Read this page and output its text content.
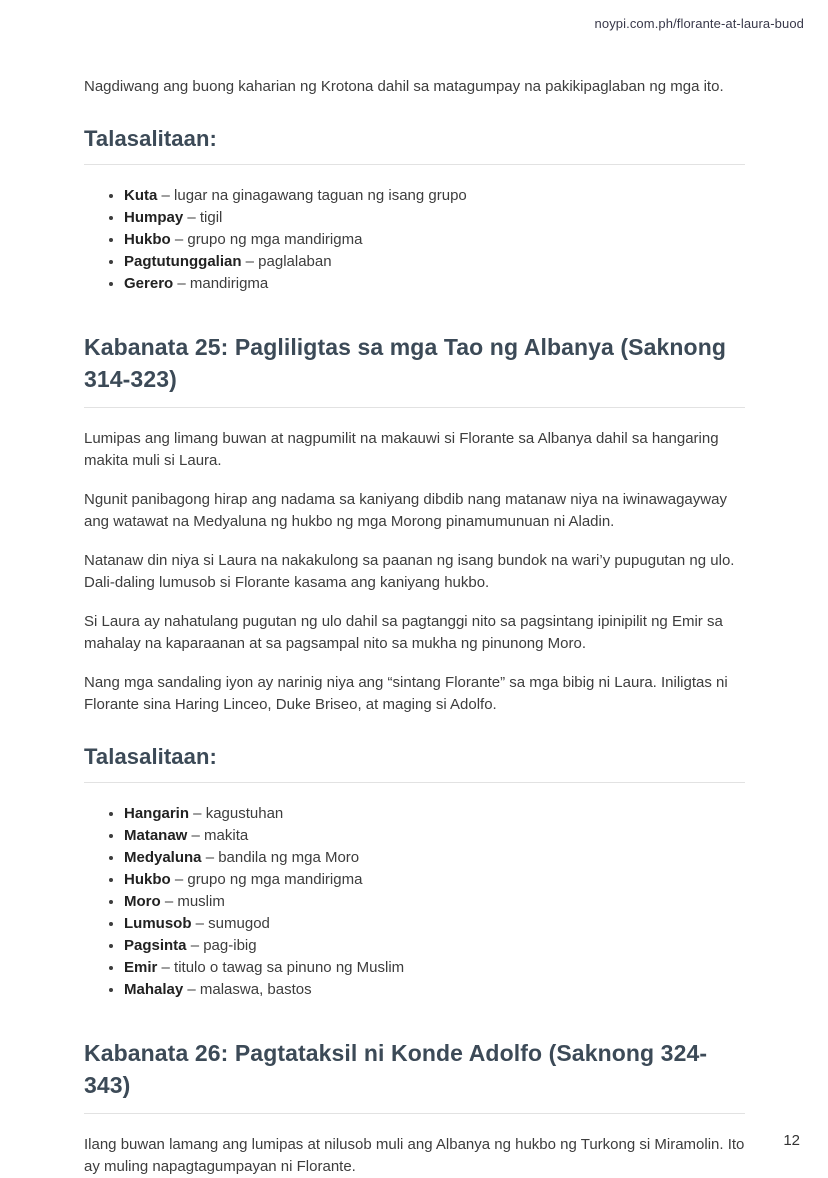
noypi.com.ph/florante-at-laura-buod

Nagdiwang ang buong kaharian ng Krotona dahil sa matagumpay na pakikipaglaban ng mga ito.

Talasalitaan:
• Kuta – lugar na ginagawang taguan ng isang grupo
• Humpay – tigil
• Hukbo – grupo ng mga mandirigma
• Pagtutunggalian – paglalaban
• Gerero – mandirigma
Kabanata 25: Pagliligtas sa mga Tao ng Albanya (Saknong 314-323)

Lumipas ang limang buwan at nagpumilit na makauwi si Florante sa Albanya dahil sa hangaring makita muli si Laura.

Ngunit panibagong hirap ang nadama sa kaniyang dibdib nang matanaw niya na iwinawagayway ang watawat na Medyaluna ng hukbo ng mga Morong pinamumunuan ni Aladin.

Natanaw din niya si Laura na nakakulong sa paanan ng isang bundok na wari’y pupugutan ng ulo. Dali-daling lumusob si Florante kasama ang kaniyang hukbo.

Si Laura ay nahatulang pugutan ng ulo dahil sa pagtanggi nito sa pagsintang ipinipilit ng Emir sa mahalay na kaparaanan at sa pagsampal nito sa mukha ng pinunong Moro.

Nang mga sandaling iyon ay narinig niya ang “sintang Florante” sa mga bibig ni Laura. Iniligtas ni Florante sina Haring Linceo, Duke Briseo, at maging si Adolfo.

Talasalitaan:
• Hangarin – kagustuhan
• Matanaw – makita
• Medyaluna – bandila ng mga Moro
• Hukbo – grupo ng mga mandirigma
• Moro – muslim
• Lumusob – sumugod
• Pagsinta – pag-ibig
• Emir – titulo o tawag sa pinuno ng Muslim
• Mahalay – malaswa, bastos
Kabanata 26: Pagtataksil ni Konde Adolfo (Saknong 324-343)

Ilang buwan lamang ang lumipas at nilusob muli ang Albanya ng hukbo ng Turkong si Miramolin. Ito ay muling napagtagumpayan ni Florante.

12
